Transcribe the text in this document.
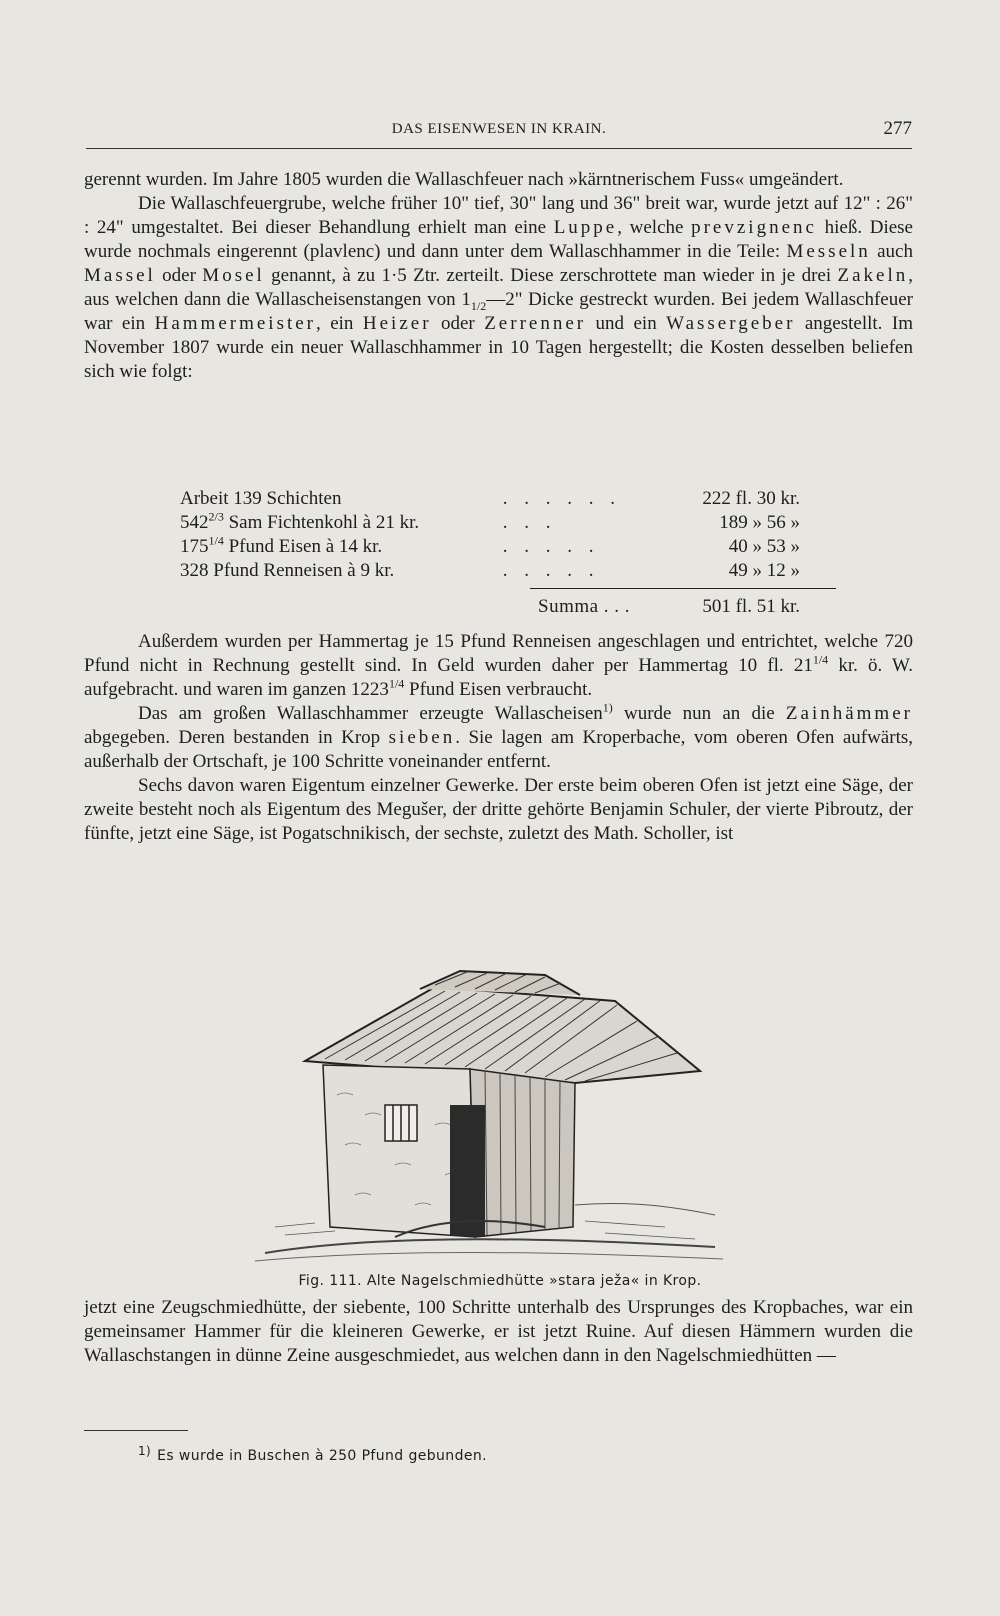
DAS EISENWESEN IN KRAIN.	277

gerennt wurden. Im Jahre 1805 wurden die Wallaschfeuer nach »kärntnerischem Fuss« umgeändert.

Die Wallaschfeuergrube, welche früher 10" tief, 30" lang und 36" breit war, wurde jetzt auf 12" : 26" : 24" umgestaltet. Bei dieser Behandlung erhielt man eine Luppe, welche prevzignenc hieß. Diese wurde nochmals eingerennt (plavlenc) und dann unter dem Wallaschhammer in die Teile: Messeln auch Massel oder Mosel genannt, à zu 1·5 Ztr. zerteilt. Diese zerschrottete man wieder in je drei Zakeln, aus welchen dann die Wallascheisenstangen von $1_{1/2}—2$" Dicke gestreckt wurden. Bei jedem Wallaschfeuer war ein Hammermeister, ein Heizer oder Zerrenner und ein Wassergeber angestellt. Im November 1807 wurde ein neuer Wallaschhammer in 10 Tagen hergestellt; die Kosten desselben beliefen sich wie folgt:

Arbeit 139 Schichten	. . . . . .	222 fl. 30 kr.
$542^{2/3}$ Sam Fichtenkohl à 21 kr.	. . .	189 » 56 »
$175^{1/4}$ Pfund Eisen à 14 kr.	. . . . .	40 » 53 »
328 Pfund Renneisen à 9 kr.	. . . . .	49 » 12 »
Summa . . .	501 fl. 51 kr.

Außerdem wurden per Hammertag je 15 Pfund Renneisen angeschlagen und entrichtet, welche 720 Pfund nicht in Rechnung gestellt sind. In Geld wurden daher per Hammertag 10 fl. $21^{1/4}$ kr. ö. W. aufgebracht. und waren im ganzen $1223^{1/4}$ Pfund Eisen verbraucht.

Das am großen Wallaschhammer erzeugte Wallascheisen$^{1)}$ wurde nun an die Zainhämmer abgegeben. Deren bestanden in Krop sieben. Sie lagen am Kroperbache, vom oberen Ofen aufwärts, außerhalb der Ortschaft, je 100 Schritte voneinander entfernt.

Sechs davon waren Eigentum einzelner Gewerke. Der erste beim oberen Ofen ist jetzt eine Säge, der zweite besteht noch als Eigentum des Megušer, der dritte gehörte Benjamin Schuler, der vierte Pibroutz, der fünfte, jetzt eine Säge, ist Pogatschnikisch, der sechste, zuletzt des Math. Scholler, ist

Fig. 111. Alte Nagelschmiedhütte »stara ježa« in Krop.

jetzt eine Zeugschmiedhütte, der siebente, 100 Schritte unterhalb des Ursprunges des Kropbaches, war ein gemeinsamer Hammer für die kleineren Gewerke, er ist jetzt Ruine. Auf diesen Hämmern wurden die Wallaschstangen in dünne Zeine ausgeschmiedet, aus welchen dann in den Nagelschmiedhütten —

1) Es wurde in Buschen à 250 Pfund gebunden.
